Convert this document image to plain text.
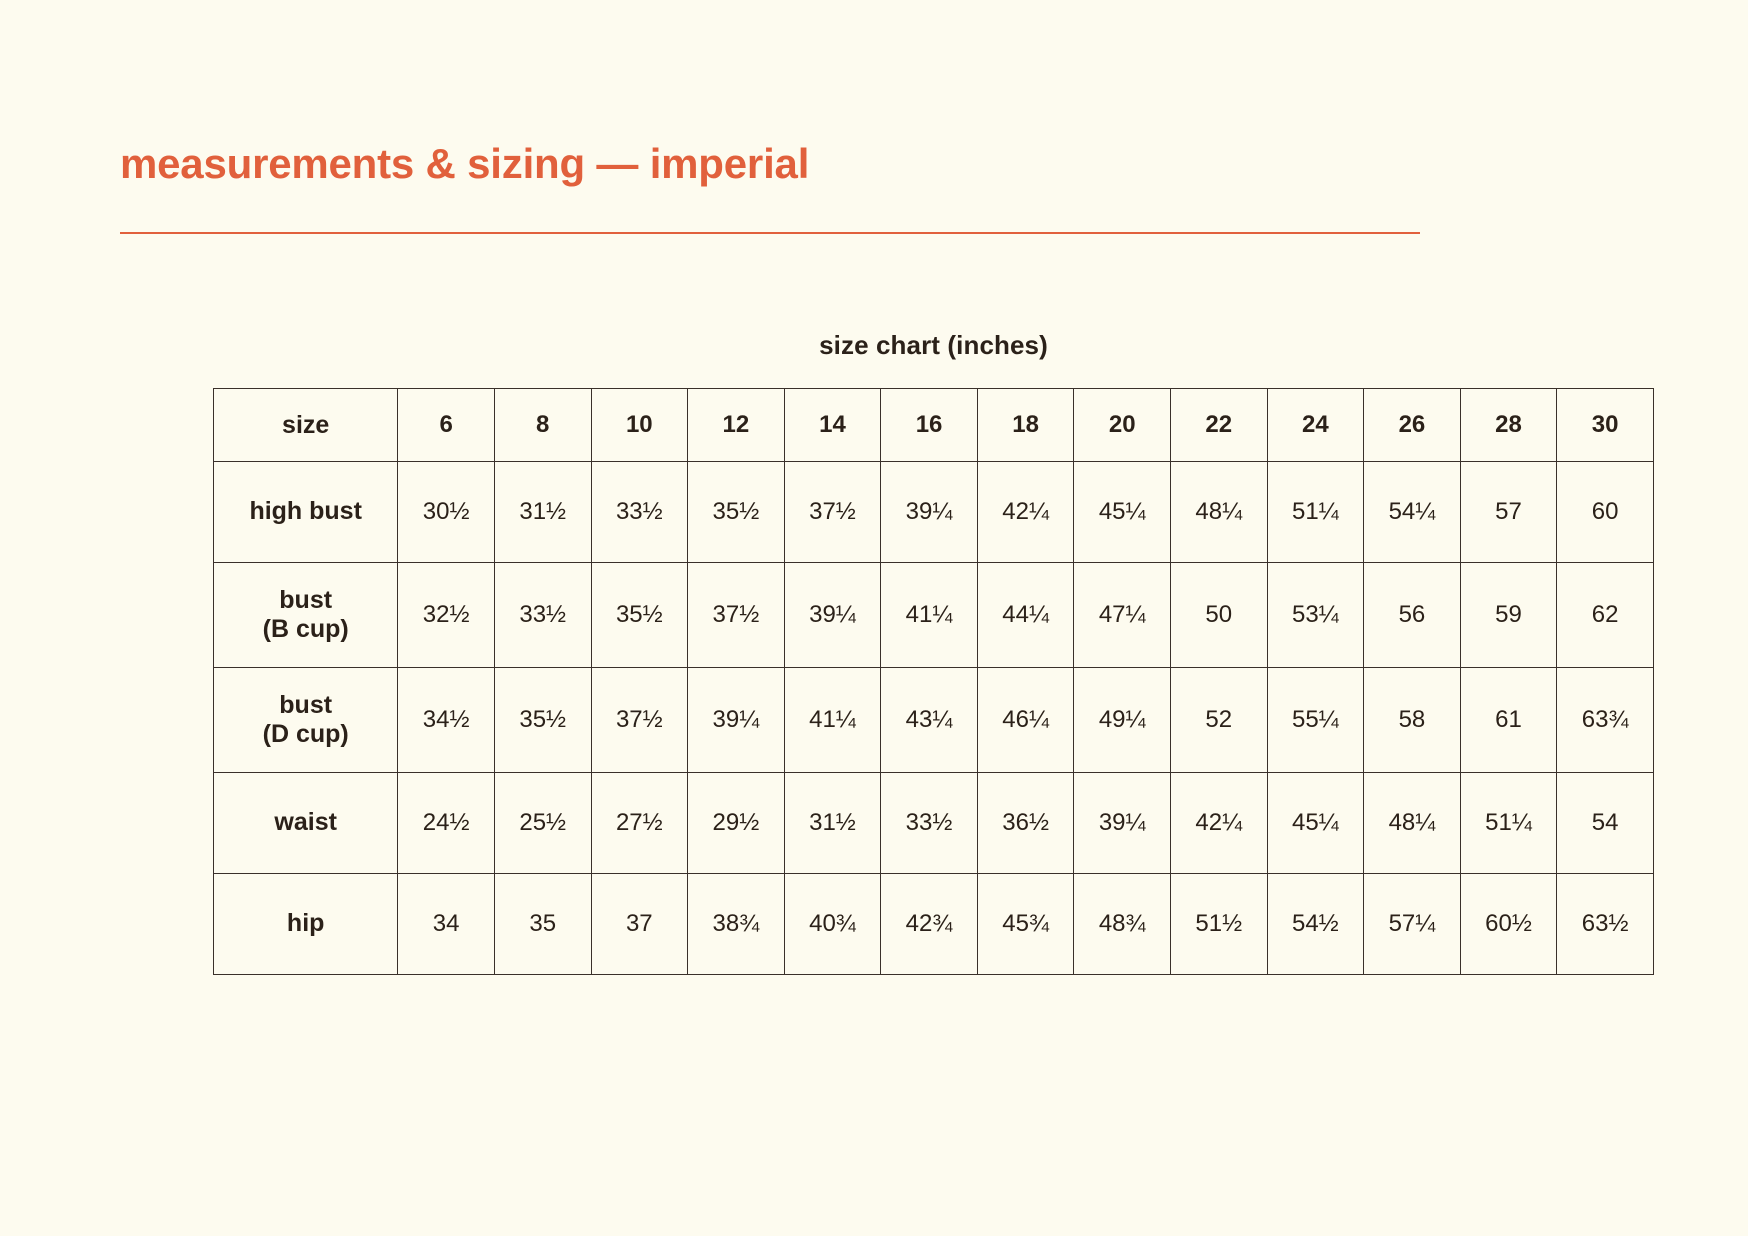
measurements & sizing — imperial
size chart (inches)
size	6	8	10	12	14	16	18	20	22	24	26	28	30
high bust	30½	31½	33½	35½	37½	39¼	42¼	45¼	48¼	51¼	54¼	57	60
bust
(B cup)	32½	33½	35½	37½	39¼	41¼	44¼	47¼	50	53¼	56	59	62
bust
(D cup)	34½	35½	37½	39¼	41¼	43¼	46¼	49¼	52	55¼	58	61	63¾
waist	24½	25½	27½	29½	31½	33½	36½	39¼	42¼	45¼	48¼	51¼	54
hip	34	35	37	38¾	40¾	42¾	45¾	48¾	51½	54½	57¼	60½	63½
